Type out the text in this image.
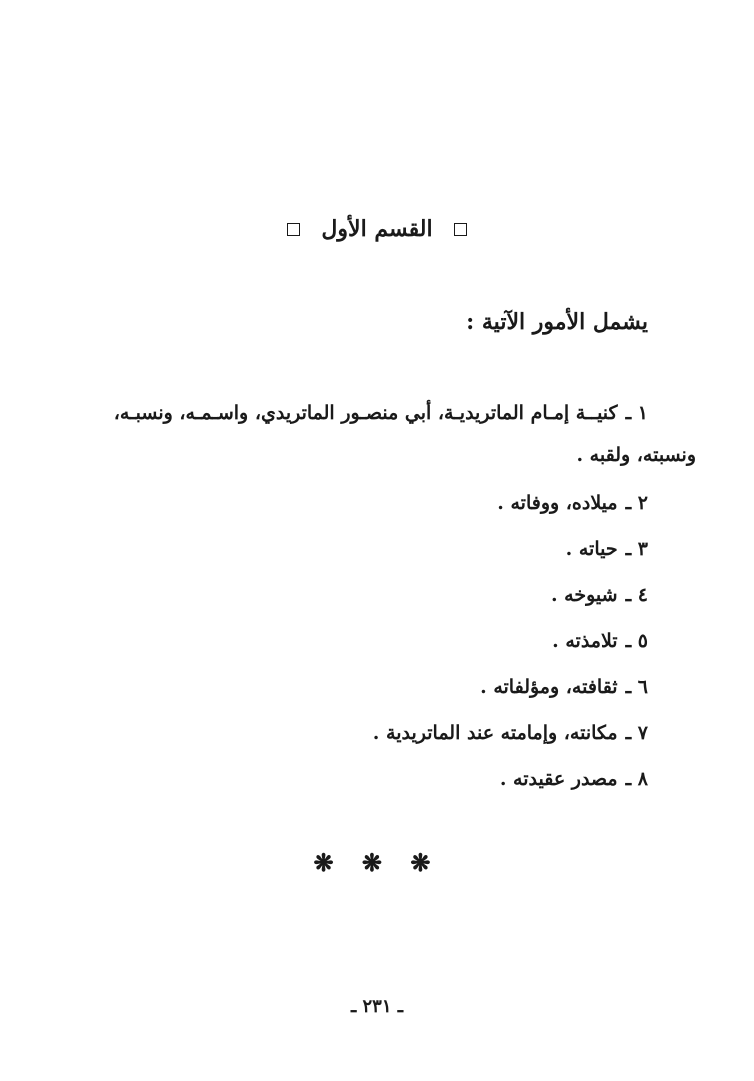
القسم الأول
يشمل الأمور الآتية :
١ ـكنيــة إمـام الماتريديـة، أبي منصـور الماتريدي، واسـمـه، ونسبـه،
ونسبته، ولقبه .
٢ ـميلاده، ووفاته .
٣ ـحياته .
٤ ـشيوخه .
٥ ـتلامذته .
٦ ـثقافته، ومؤلفاته .
٧ ـمكانته، وإمامته عند الماتريدية .
٨ ـمصدر عقيدته .
❋ ❋ ❋
ـ ٢٣١ ـ
